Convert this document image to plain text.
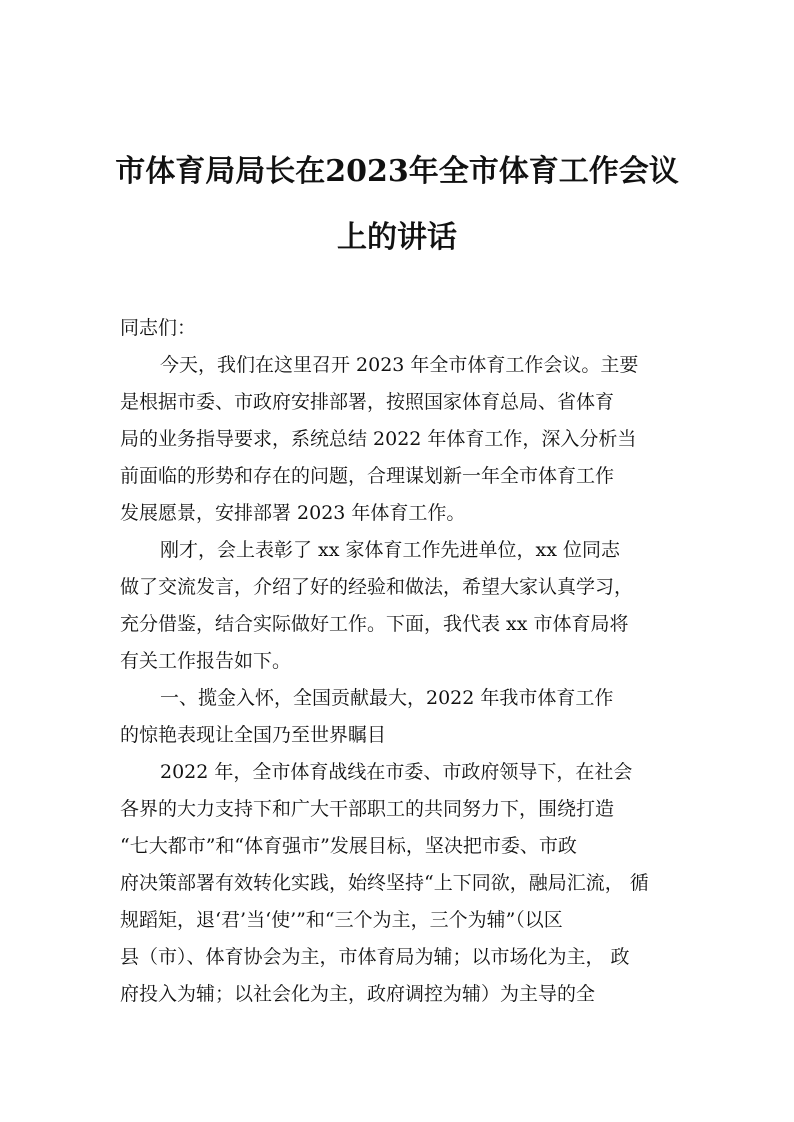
市体育局局长在2023年全市体育工作会议
上的讲话
同志们：
今天，我们在这里召开 2023 年全市体育工作会议。主要
是根据市委、市政府安排部署，按照国家体育总局、省体育
局的业务指导要求，系统总结 2022 年体育工作，深入分析当
前面临的形势和存在的问题，合理谋划新一年全市体育工作
发展愿景，安排部署 2023 年体育工作。
刚才，会上表彰了 xx 家体育工作先进单位，xx 位同志
做了交流发言，介绍了好的经验和做法，希望大家认真学习，
充分借鉴，结合实际做好工作。下面，我代表 xx 市体育局将
有关工作报告如下。
一、揽金入怀，全国贡献最大，2022 年我市体育工作
的惊艳表现让全国乃至世界瞩目
2022 年，全市体育战线在市委、市政府领导下，在社会
各界的大力支持下和广大干部职工的共同努力下，围绕打造
“七大都市”和“体育强市”发展目标，坚决把市委、市政
府决策部署有效转化实践，始终坚持“上下同欲，融局汇流， 循
规蹈矩，退‘君’当‘使’”和“三个为主，三个为辅”（以区
县（市）、体育协会为主，市体育局为辅；以市场化为主， 政
府投入为辅；以社会化为主，政府调控为辅）为主导的全
